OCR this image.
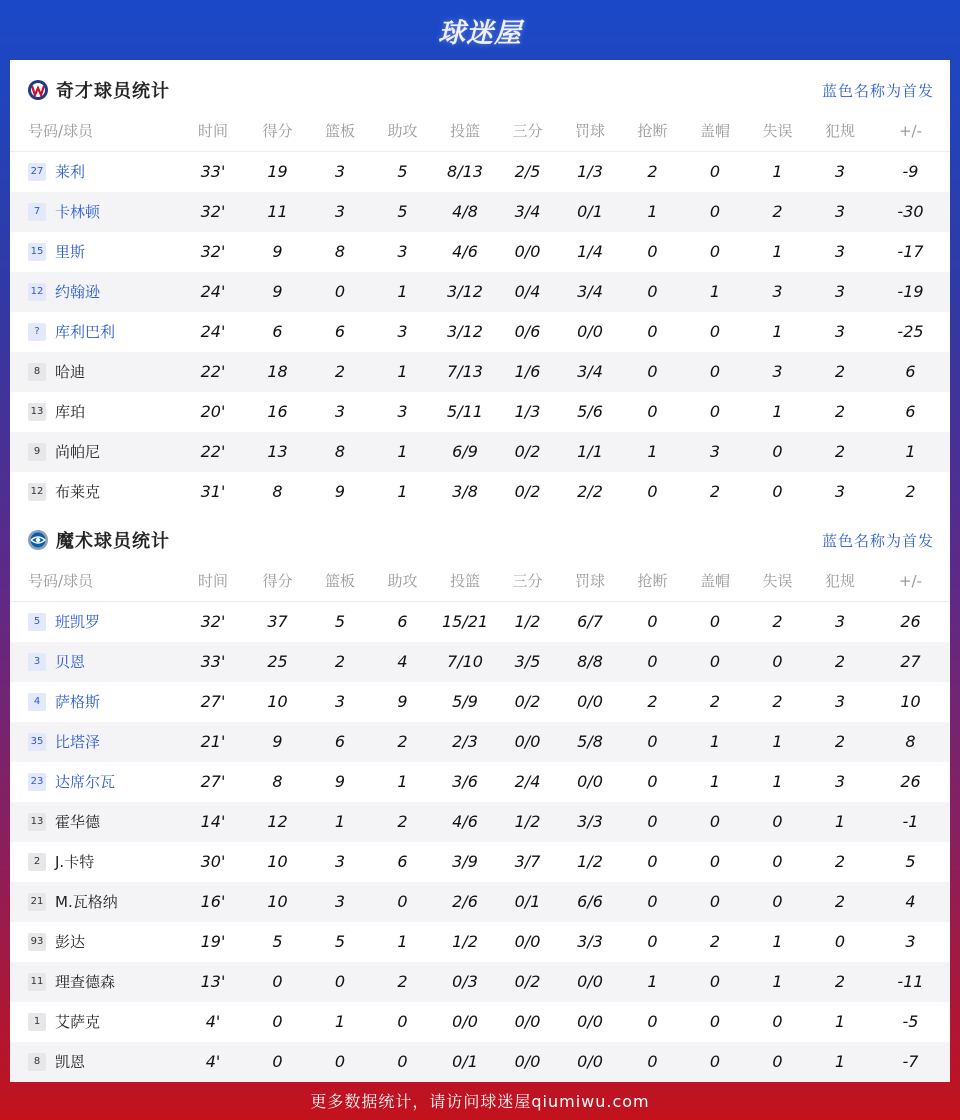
球迷屋
奇才球员统计	蓝色名称为首发
号码/球员	时间	得分	篮板	助攻	投篮	三分	罚球	抢断	盖帽	失误	犯规	+/-
27 莱利	33'	19	3	5	8/13	2/5	1/3	2	0	1	3	-9
7 卡林顿	32'	11	3	5	4/8	3/4	0/1	1	0	2	3	-30
15 里斯	32'	9	8	3	4/6	0/0	1/4	0	0	1	3	-17
12 约翰逊	24'	9	0	1	3/12	0/4	3/4	0	1	3	3	-19
? 库利巴利	24'	6	6	3	3/12	0/6	0/0	0	0	1	3	-25
8 哈迪	22'	18	2	1	7/13	1/6	3/4	0	0	3	2	6
13 库珀	20'	16	3	3	5/11	1/3	5/6	0	0	1	2	6
9 尚帕尼	22'	13	8	1	6/9	0/2	1/1	1	3	0	2	1
12 布莱克	31'	8	9	1	3/8	0/2	2/2	0	2	0	3	2
魔术球员统计	蓝色名称为首发
号码/球员	时间	得分	篮板	助攻	投篮	三分	罚球	抢断	盖帽	失误	犯规	+/-
5 班凯罗	32'	37	5	6	15/21	1/2	6/7	0	0	2	3	26
3 贝恩	33'	25	2	4	7/10	3/5	8/8	0	0	0	2	27
4 萨格斯	27'	10	3	9	5/9	0/2	0/0	2	2	2	3	10
35 比塔泽	21'	9	6	2	2/3	0/0	5/8	0	1	1	2	8
23 达席尔瓦	27'	8	9	1	3/6	2/4	0/0	0	1	1	3	26
13 霍华德	14'	12	1	2	4/6	1/2	3/3	0	0	0	1	-1
2 J.卡特	30'	10	3	6	3/9	3/7	1/2	0	0	0	2	5
21 M.瓦格纳	16'	10	3	0	2/6	0/1	6/6	0	0	0	2	4
93 彭达	19'	5	5	1	1/2	0/0	3/3	0	2	1	0	3
11 理查德森	13'	0	0	2	0/3	0/2	0/0	1	0	1	2	-11
1 艾萨克	4'	0	1	0	0/0	0/0	0/0	0	0	0	1	-5
8 凯恩	4'	0	0	0	0/1	0/0	0/0	0	0	0	1	-7
更多数据统计，请访问球迷屋qiumiwu.com
